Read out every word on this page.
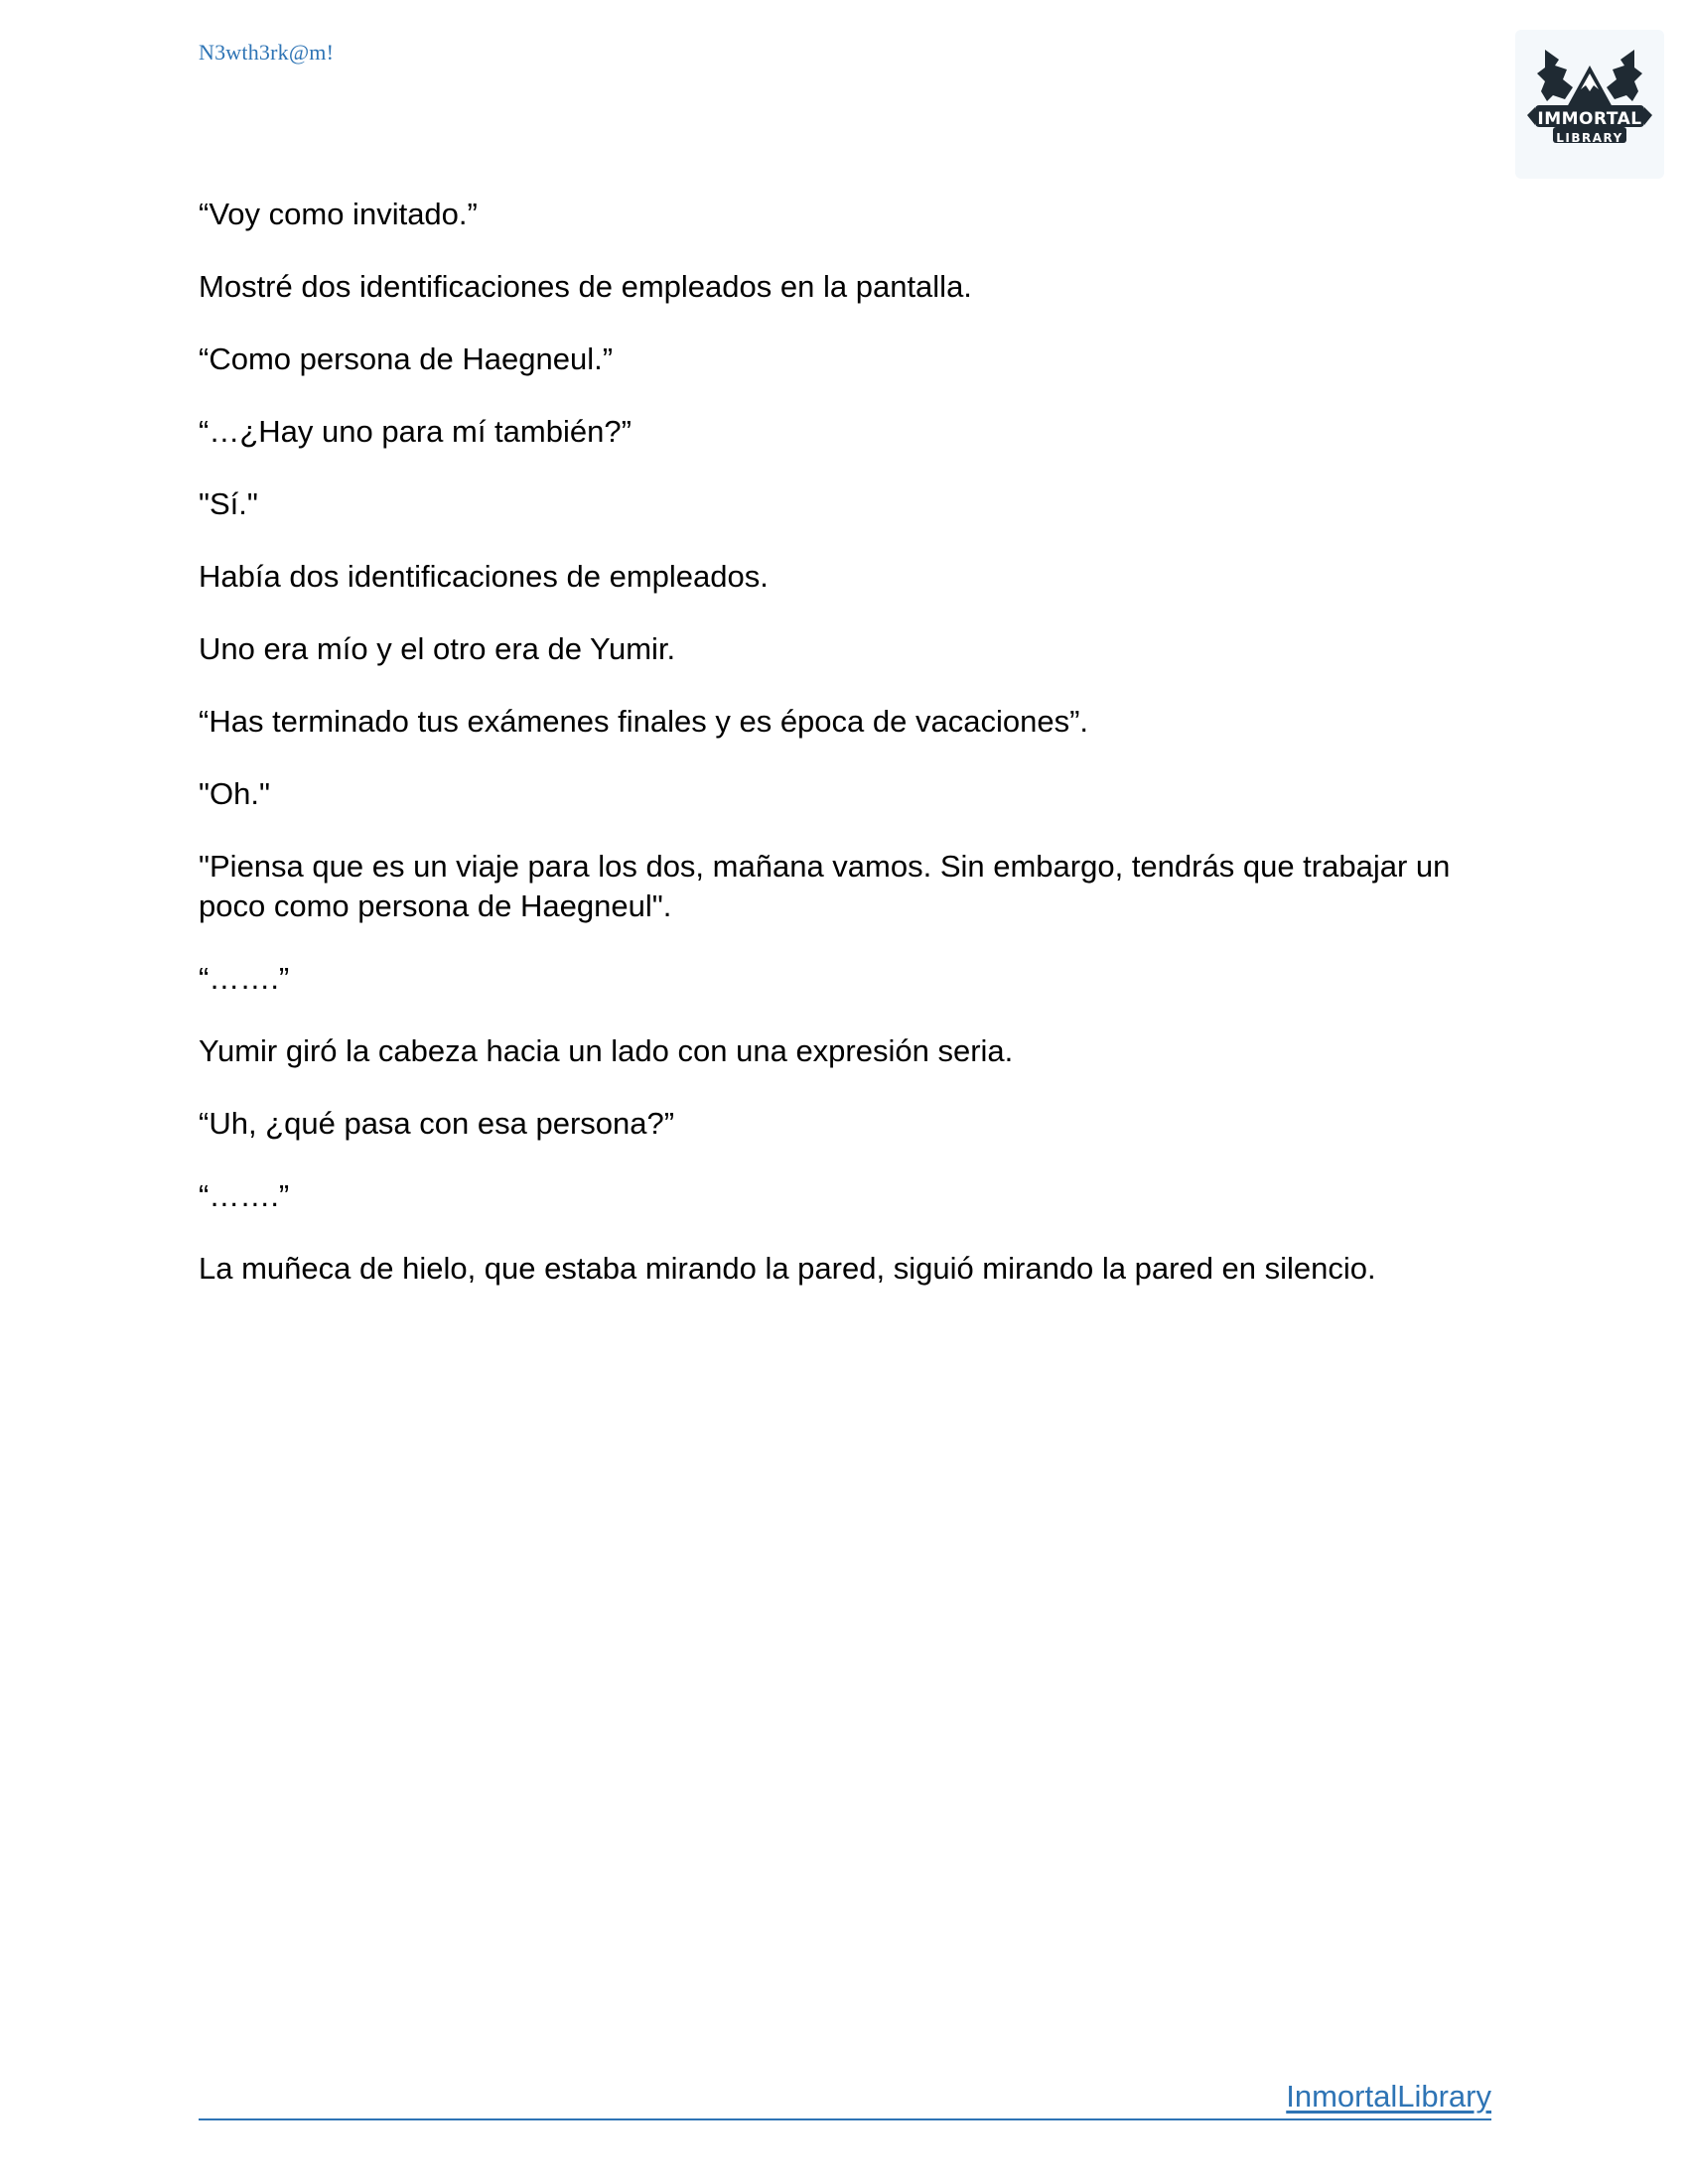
N3wth3rk@m!
IMMORTAL
LIBRARY

“Voy como invitado.”

Mostré dos identificaciones de empleados en la pantalla.

“Como persona de Haegneul.”

“…¿Hay uno para mí también?”

"Sí."

Había dos identificaciones de empleados.

Uno era mío y el otro era de Yumir.

“Has terminado tus exámenes finales y es época de vacaciones”.

"Oh."

"Piensa que es un viaje para los dos, mañana vamos. Sin embargo, tendrás que trabajar un poco como persona de Haegneul".

“…….”

Yumir giró la cabeza hacia un lado con una expresión seria.

“Uh, ¿qué pasa con esa persona?”

“…….”

La muñeca de hielo, que estaba mirando la pared, siguió mirando la pared en silencio.

InmortalLibrary
